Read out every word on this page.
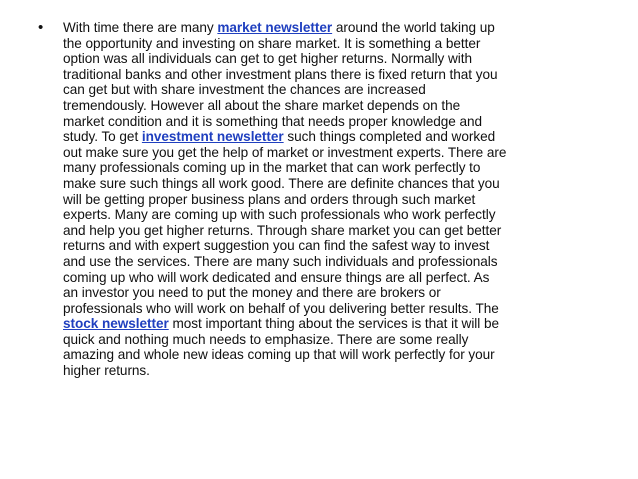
• With time there are many market newsletter around the world taking up
the opportunity and investing on share market. It is something a better
option was all individuals can get to get higher returns. Normally with
traditional banks and other investment plans there is fixed return that you
can get but with share investment the chances are increased
tremendously. However all about the share market depends on the
market condition and it is something that needs proper knowledge and
study. To get investment newsletter such things completed and worked
out make sure you get the help of market or investment experts. There are
many professionals coming up in the market that can work perfectly to
make sure such things all work good. There are definite chances that you
will be getting proper business plans and orders through such market
experts. Many are coming up with such professionals who work perfectly
and help you get higher returns. Through share market you can get better
returns and with expert suggestion you can find the safest way to invest
and use the services. There are many such individuals and professionals
coming up who will work dedicated and ensure things are all perfect. As
an investor you need to put the money and there are brokers or
professionals who will work on behalf of you delivering better results. The
stock newsletter most important thing about the services is that it will be
quick and nothing much needs to emphasize. There are some really
amazing and whole new ideas coming up that will work perfectly for your
higher returns.
